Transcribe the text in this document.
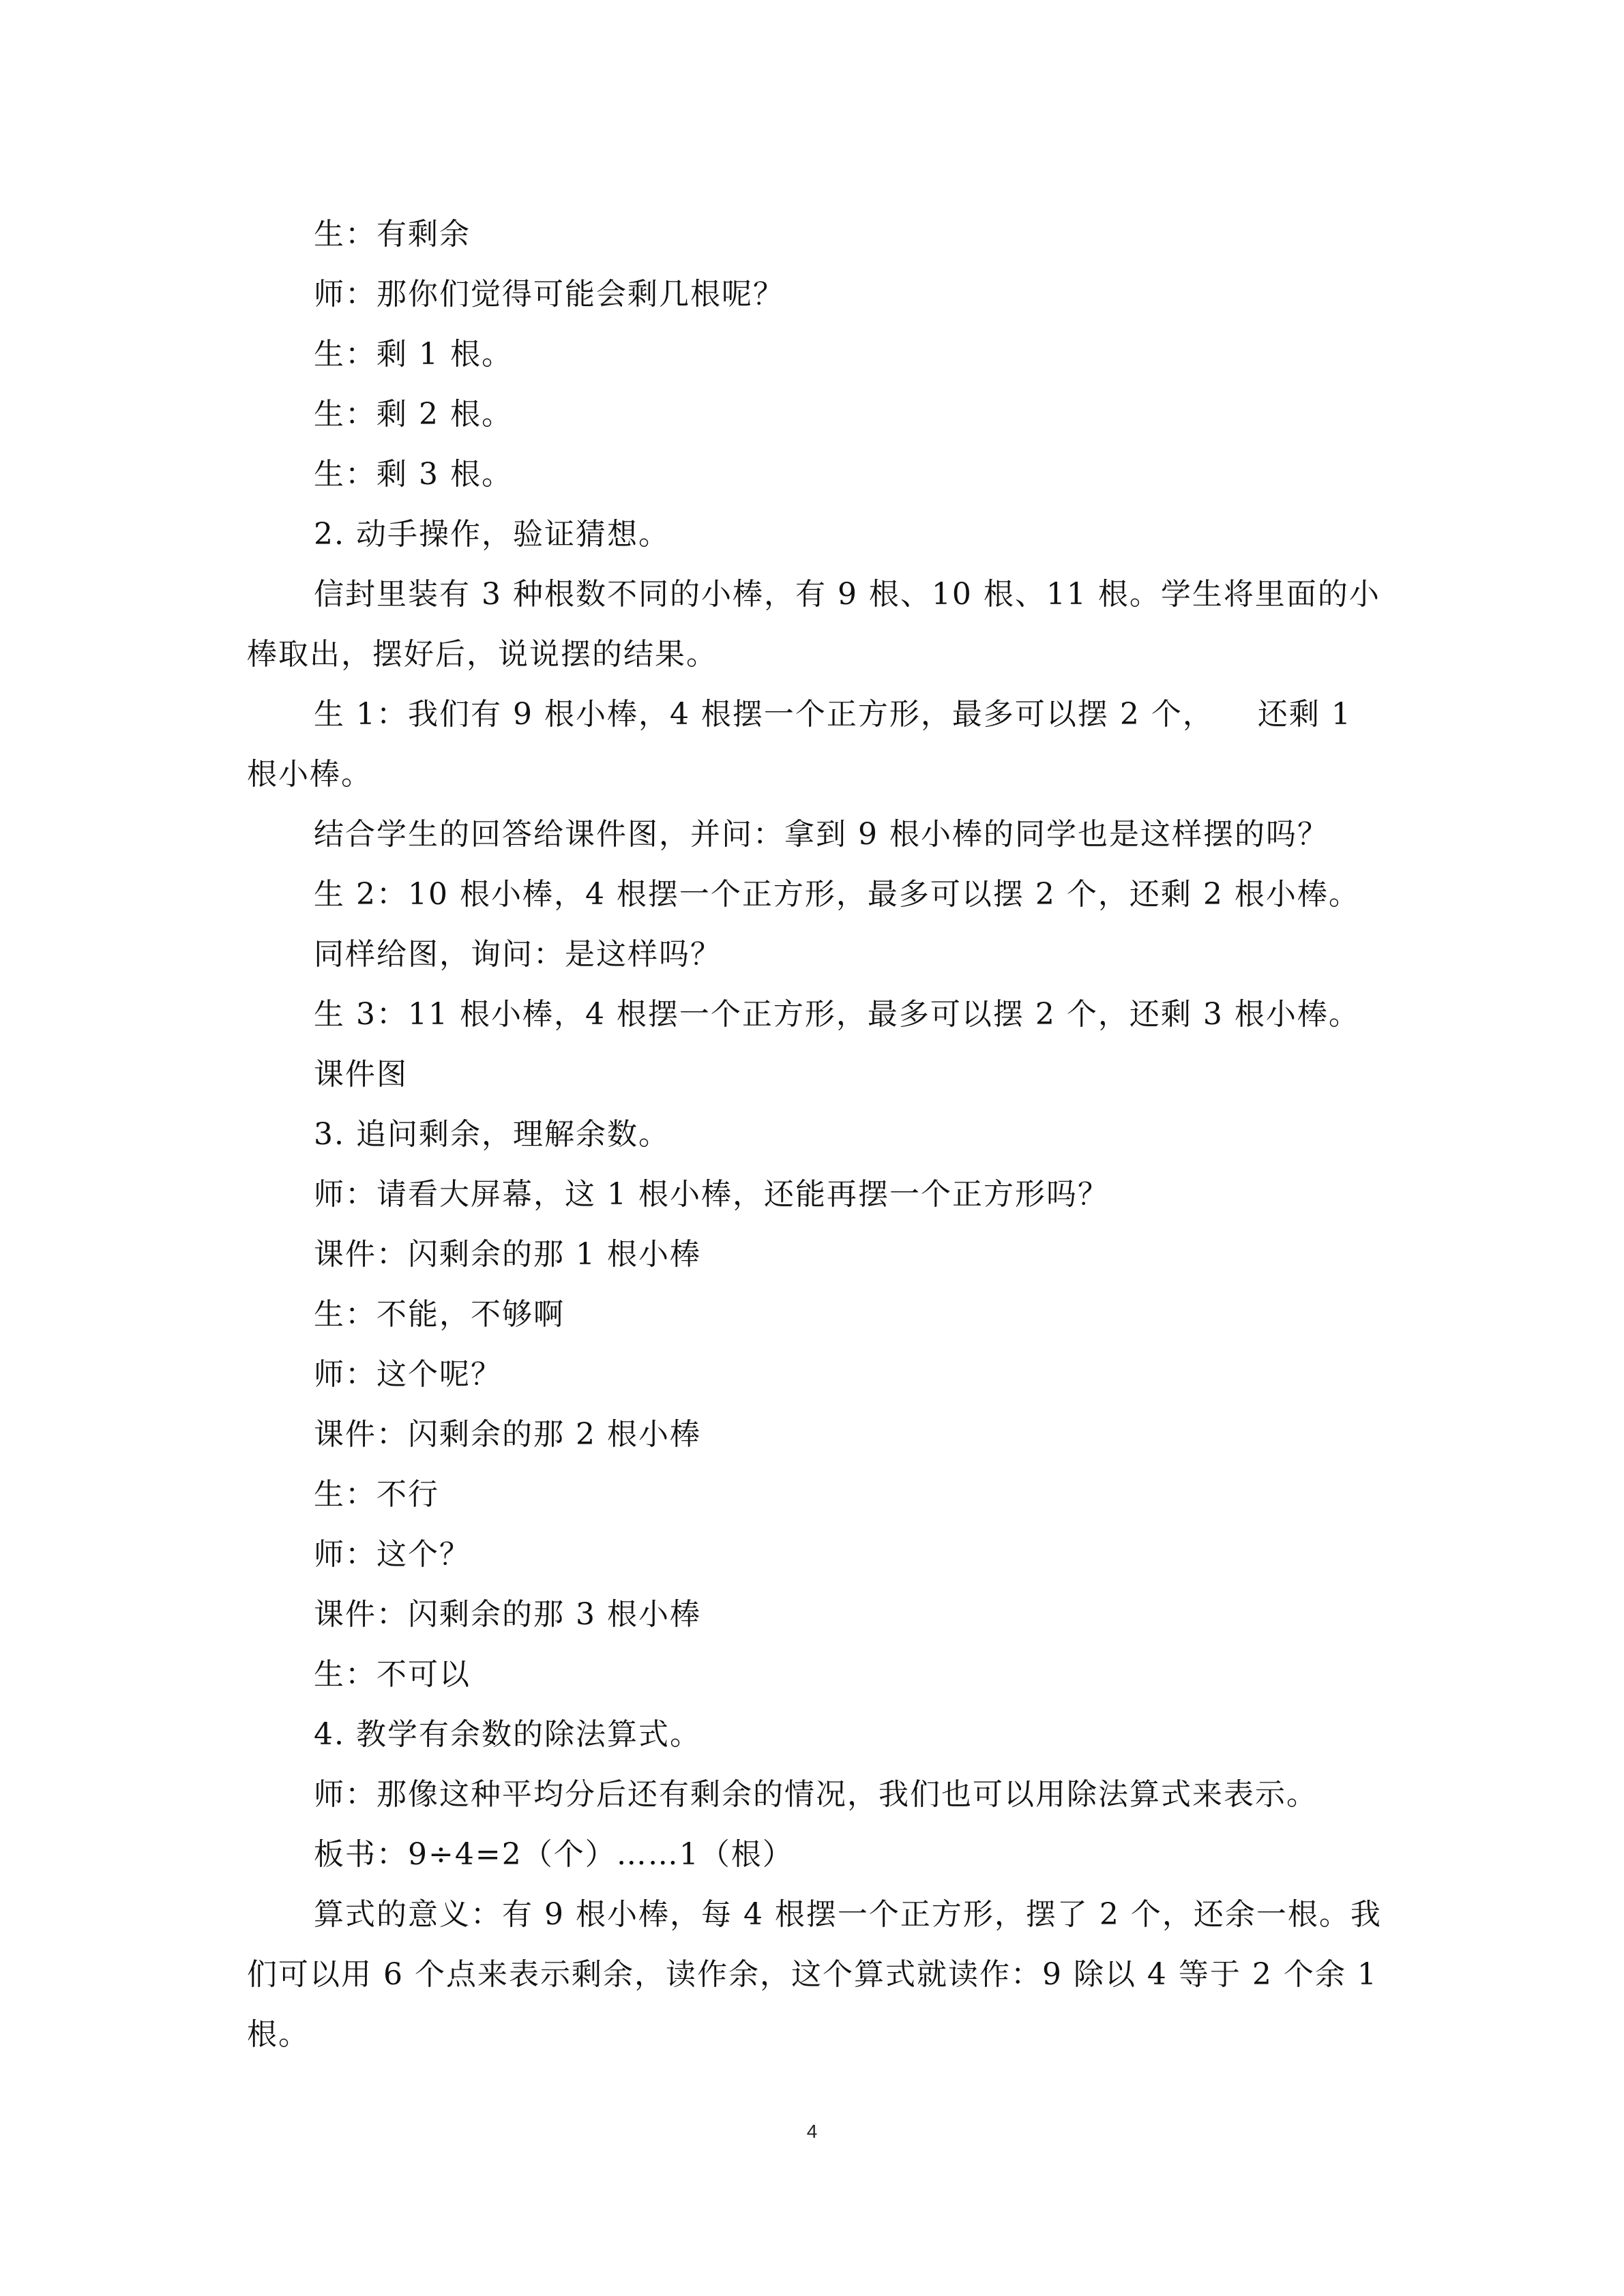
生：有剩余

师：那你们觉得可能会剩几根呢？

生：剩 1 根。

生：剩 2 根。

生：剩 3 根。

2. 动手操作，验证猜想。

信封里装有 3 种根数不同的小棒，有 9 根、10 根、11 根。学生将里面的小棒取出，摆好后，说说摆的结果。

生 1：我们有 9 根小棒，4 根摆一个正方形，最多可以摆 2 个，    还剩 1 根小棒。

结合学生的回答给课件图，并问：拿到 9 根小棒的同学也是这样摆的吗？

生 2：10 根小棒，4 根摆一个正方形，最多可以摆 2 个，还剩 2 根小棒。

同样给图，询问：是这样吗？

生 3：11 根小棒，4 根摆一个正方形，最多可以摆 2 个，还剩 3 根小棒。

课件图

3. 追问剩余，理解余数。

师：请看大屏幕，这 1 根小棒，还能再摆一个正方形吗？

课件：闪剩余的那 1 根小棒

生：不能，不够啊

师：这个呢？

课件：闪剩余的那 2 根小棒

生：不行

师：这个？

课件：闪剩余的那 3 根小棒

生：不可以

4. 教学有余数的除法算式。

师：那像这种平均分后还有剩余的情况，我们也可以用除法算式来表示。

板书：9÷4=2（个）……1（根）

算式的意义：有 9 根小棒，每 4 根摆一个正方形，摆了 2 个，还余一根。我们可以用 6 个点来表示剩余，读作余，这个算式就读作：9 除以 4 等于 2 个余 1 根。

4
